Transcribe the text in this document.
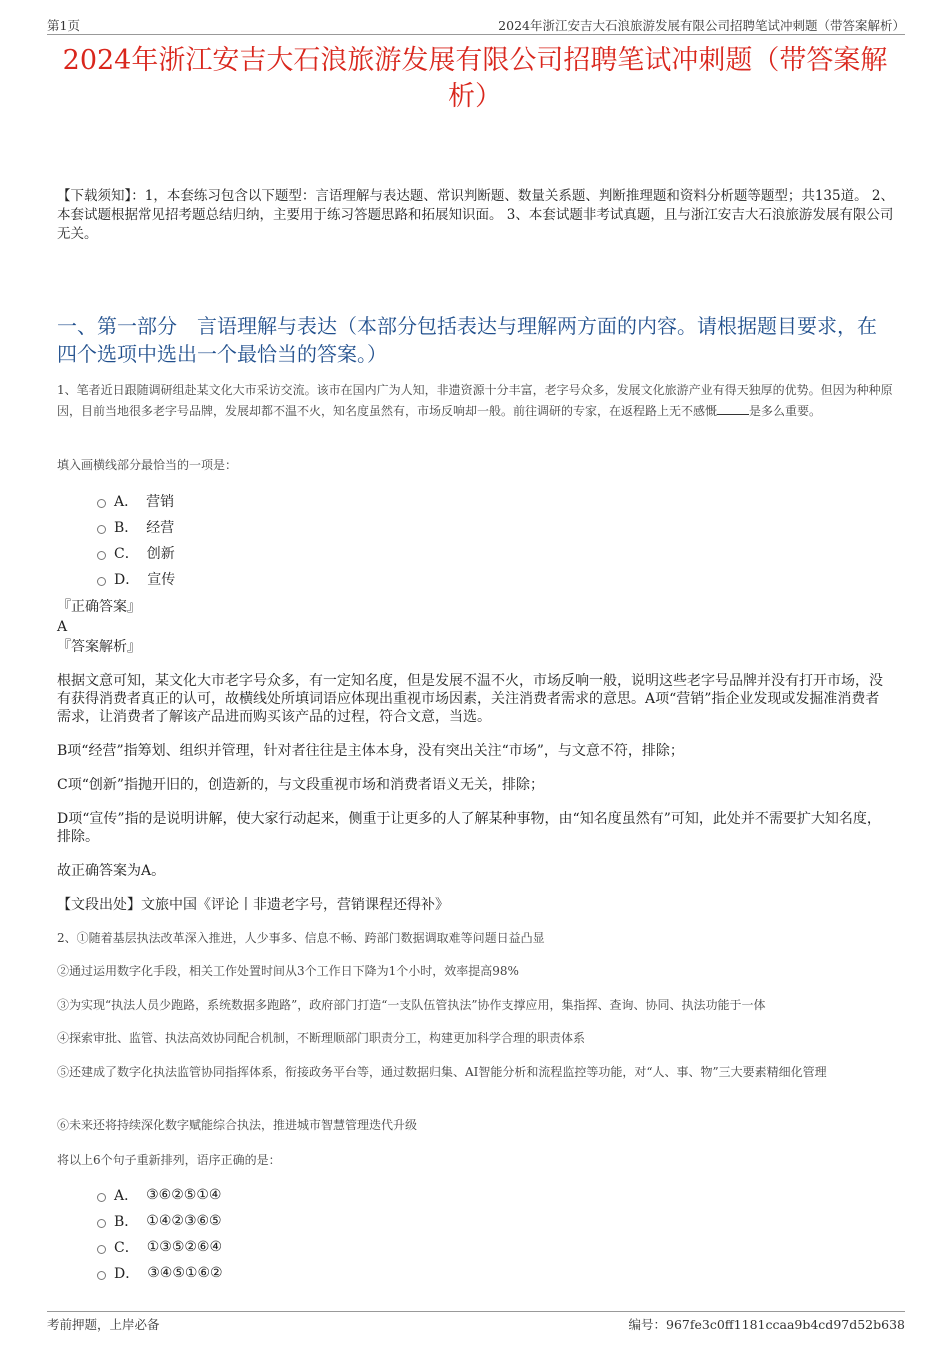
第1页	2024年浙江安吉大石浪旅游发展有限公司招聘笔试冲刺题（带答案解析）
2024年浙江安吉大石浪旅游发展有限公司招聘笔试冲刺题（带答案解析）
【下载须知】：1，本套练习包含以下题型：言语理解与表达题、常识判断题、数量关系题、判断推理题和资料分析题等题型；共135道。 2、本套试题根据常见招考题总结归纳，主要用于练习答题思路和拓展知识面。 3、本套试题非考试真题，且与浙江安吉大石浪旅游发展有限公司无关。
一、第一部分　言语理解与表达（本部分包括表达与理解两方面的内容。请根据题目要求，在四个选项中选出一个最恰当的答案。）
1、笔者近日跟随调研组赴某文化大市采访交流。该市在国内广为人知，非遗资源十分丰富，老字号众多，发展文化旅游产业有得天独厚的优势。但因为种种原因，目前当地很多老字号品牌，发展却都不温不火，知名度虽然有，市场反响却一般。前往调研的专家，在返程路上无不感慨	是多么重要。
填入画横线部分最恰当的一项是：
A． 营销
B． 经营
C． 创新
D． 宣传
『正确答案』
A
『答案解析』

根据文意可知，某文化大市老字号众多，有一定知名度，但是发展不温不火，市场反响一般，说明这些老字号品牌并没有打开市场，没有获得消费者真正的认可，故横线处所填词语应体现出重视市场因素，关注消费者需求的意思。A项“营销”指企业发现或发掘准消费者需求，让消费者了解该产品进而购买该产品的过程，符合文意，当选。

B项“经营”指筹划、组织并管理，针对者往往是主体本身，没有突出关注“市场”，与文意不符，排除；

C项“创新”指抛开旧的，创造新的，与文段重视市场和消费者语义无关，排除；

D项“宣传”指的是说明讲解，使大家行动起来，侧重于让更多的人了解某种事物，由“知名度虽然有”可知，此处并不需要扩大知名度，排除。

故正确答案为A。

【文段出处】文旅中国《评论丨非遗老字号，营销课程还得补》

2、①随着基层执法改革深入推进，人少事多、信息不畅、跨部门数据调取难等问题日益凸显
②通过运用数字化手段，相关工作处置时间从3个工作日下降为1个小时，效率提高98%
③为实现“执法人员少跑路，系统数据多跑路”，政府部门打造“一支队伍管执法”协作支撑应用，集指挥、查询、协同、执法功能于一体
④探索审批、监管、执法高效协同配合机制，不断理顺部门职责分工，构建更加科学合理的职责体系
⑤还建成了数字化执法监管协同指挥体系，衔接政务平台等，通过数据归集、AI智能分析和流程监控等功能，对“人、事、物”三大要素精细化管理
⑥未来还将持续深化数字赋能综合执法，推进城市智慧管理迭代升级
将以上6个句子重新排列，语序正确的是：
A． ③⑥②⑤①④
B． ①④②③⑥⑤
C． ①③⑤②⑥④
D． ③④⑤①⑥②
考前押题，上岸必备	编号：967fe3c0ff1181ccaa9b4cd97d52b638
